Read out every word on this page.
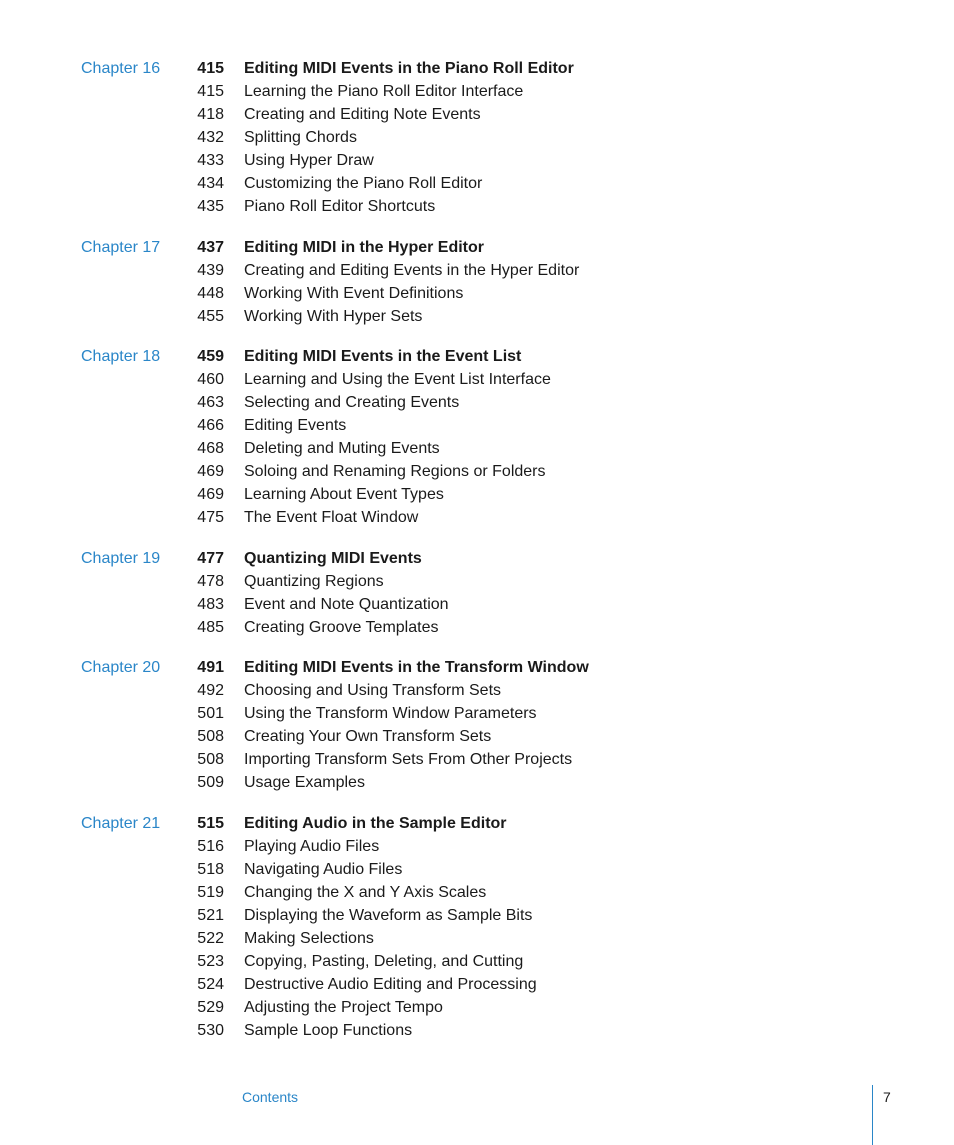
Chapter 16 415 Editing MIDI Events in the Piano Roll Editor
415 Learning the Piano Roll Editor Interface
418 Creating and Editing Note Events
432 Splitting Chords
433 Using Hyper Draw
434 Customizing the Piano Roll Editor
435 Piano Roll Editor Shortcuts
Chapter 17 437 Editing MIDI in the Hyper Editor
439 Creating and Editing Events in the Hyper Editor
448 Working With Event Definitions
455 Working With Hyper Sets
Chapter 18 459 Editing MIDI Events in the Event List
460 Learning and Using the Event List Interface
463 Selecting and Creating Events
466 Editing Events
468 Deleting and Muting Events
469 Soloing and Renaming Regions or Folders
469 Learning About Event Types
475 The Event Float Window
Chapter 19 477 Quantizing MIDI Events
478 Quantizing Regions
483 Event and Note Quantization
485 Creating Groove Templates
Chapter 20 491 Editing MIDI Events in the Transform Window
492 Choosing and Using Transform Sets
501 Using the Transform Window Parameters
508 Creating Your Own Transform Sets
508 Importing Transform Sets From Other Projects
509 Usage Examples
Chapter 21 515 Editing Audio in the Sample Editor
516 Playing Audio Files
518 Navigating Audio Files
519 Changing the X and Y Axis Scales
521 Displaying the Waveform as Sample Bits
522 Making Selections
523 Copying, Pasting, Deleting, and Cutting
524 Destructive Audio Editing and Processing
529 Adjusting the Project Tempo
530 Sample Loop Functions
Contents	7
